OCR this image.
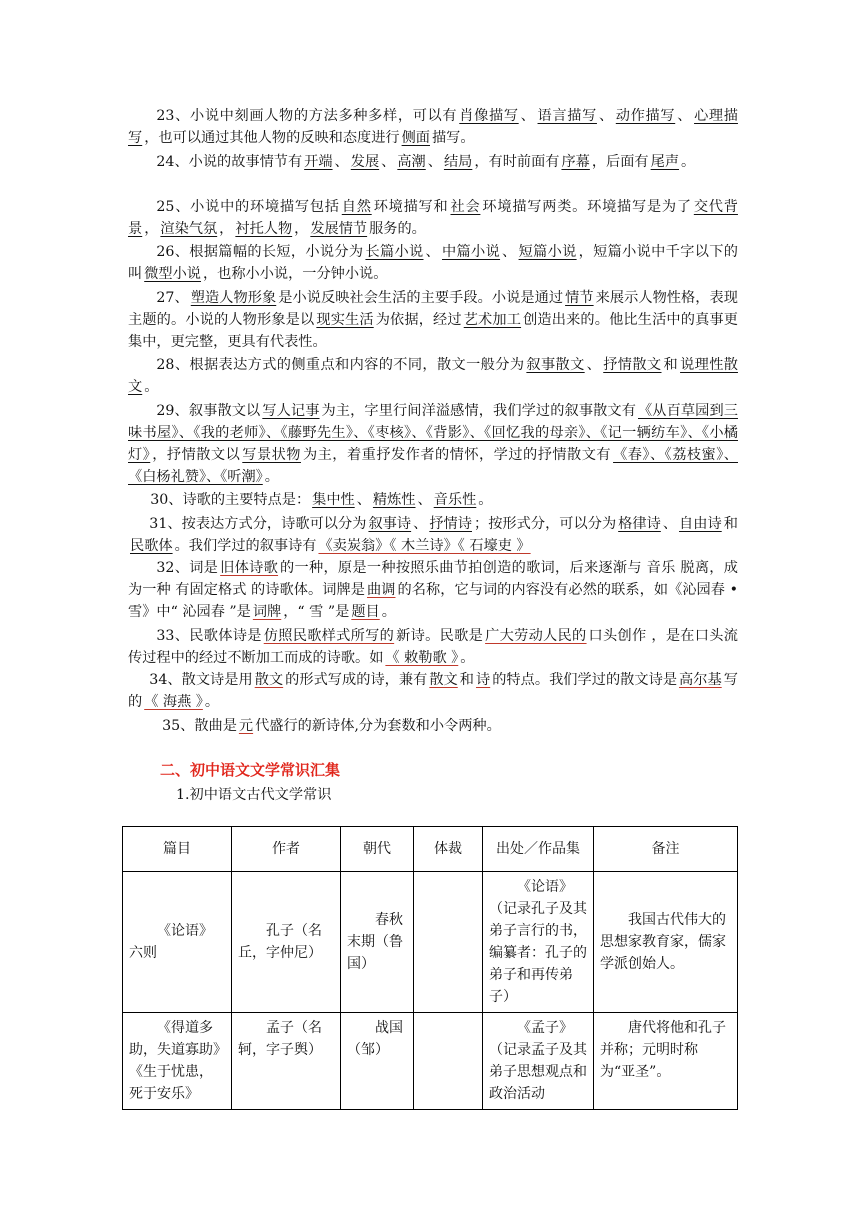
23、小说中刻画人物的方法多种多样，可以有 肖像描写 、 语言描写 、 动作描写 、 心理描写 ，也可以通过其他人物的反映和态度进行 侧面 描写。
24、小说的故事情节有 开端 、 发展 、 高潮 、 结局 ，有时前面有 序幕 ，后面有 尾声 。
25、小说中的环境描写包括 自然 环境描写和 社会 环境描写两类。环境描写是为了 交代背景 ， 渲染气氛 ， 衬托人物 ， 发展情节 服务的。
26、根据篇幅的长短，小说分为 长篇小说 、 中篇小说 、 短篇小说 ，短篇小说中千字以下的叫 微型小说 ，也称小小说，一分钟小说。
27、 塑造人物形象 是小说反映社会生活的主要手段。小说是通过 情节 来展示人物性格，表现主题的。小说的人物形象是以 现实生活 为依据，经过 艺术加工 创造出来的。他比生活中的真事更集中，更完整，更具有代表性。
28、根据表达方式的侧重点和内容的不同，散文一般分为 叙事散文 、 抒情散文 和 说理性散文 。
29、叙事散文以 写人记事 为主，字里行间洋溢感情，我们学过的叙事散文有 《从百草园到三味书屋》、《我的老师》、《藤野先生》、《枣核》、《背影》、《回忆我的母亲》、《记一辆纺车》、《小橘灯》 ，抒情散文以 写景状物 为主，着重抒发作者的情怀，学过的抒情散文有 《春》、《荔枝蜜》、《白杨礼赞》、《听潮》 。
30、诗歌的主要特点是： 集中性 、 精炼性 、 音乐性 。
31、按表达方式分，诗歌可以分为 叙事诗 、 抒情诗 ；按形式分，可以分为 格律诗 、 自由诗 和民歌体 。我们学过的叙事诗有 《卖炭翁》《 木兰诗》《 石壕吏 》
32、词是 旧体诗歌 的一种，原是一种按照乐曲节拍创造的歌词，后来逐渐与 音乐 脱离，成为一种 有固定格式 的诗歌体。词牌是 曲调 的名称，它与词的内容没有必然的联系，如《沁园春 • 雪》中“ 沁园春 ”是 词牌 ，“ 雪 ”是 题目 。
33、民歌体诗是 仿照民歌样式所写的 新诗。民歌是 广大劳动人民的 口头创作 ，是在口头流传过程中的经过不断加工而成的诗歌。如 《 敕勒歌 》 。
34、散文诗是用 散文 的形式写成的诗，兼有 散文 和 诗 的特点。我们学过的散文诗是 高尔基 写的 《 海燕 》 。
35、散曲是 元 代盛行的新诗体,分为套数和小令两种。
二、初中语文文学常识汇集
1.初中语文古代文学常识
篇目	作者	朝代	体裁	出处／作品集	备注
《论语》六则	孔子（名丘，字仲尼）	春秋末期（鲁国）		《论语》（记录孔子及其弟子言行的书，编纂者：孔子的弟子和再传弟子）	我国古代伟大的思想家教育家，儒家学派创始人。
《得道多助，失道寡助》《生于忧患，死于安乐》	孟子（名轲，字子舆）	战国（邹）		《孟子》（记录孟子及其弟子思想观点和政治活动	唐代将他和孔子并称；元明时称为“亚圣”。
